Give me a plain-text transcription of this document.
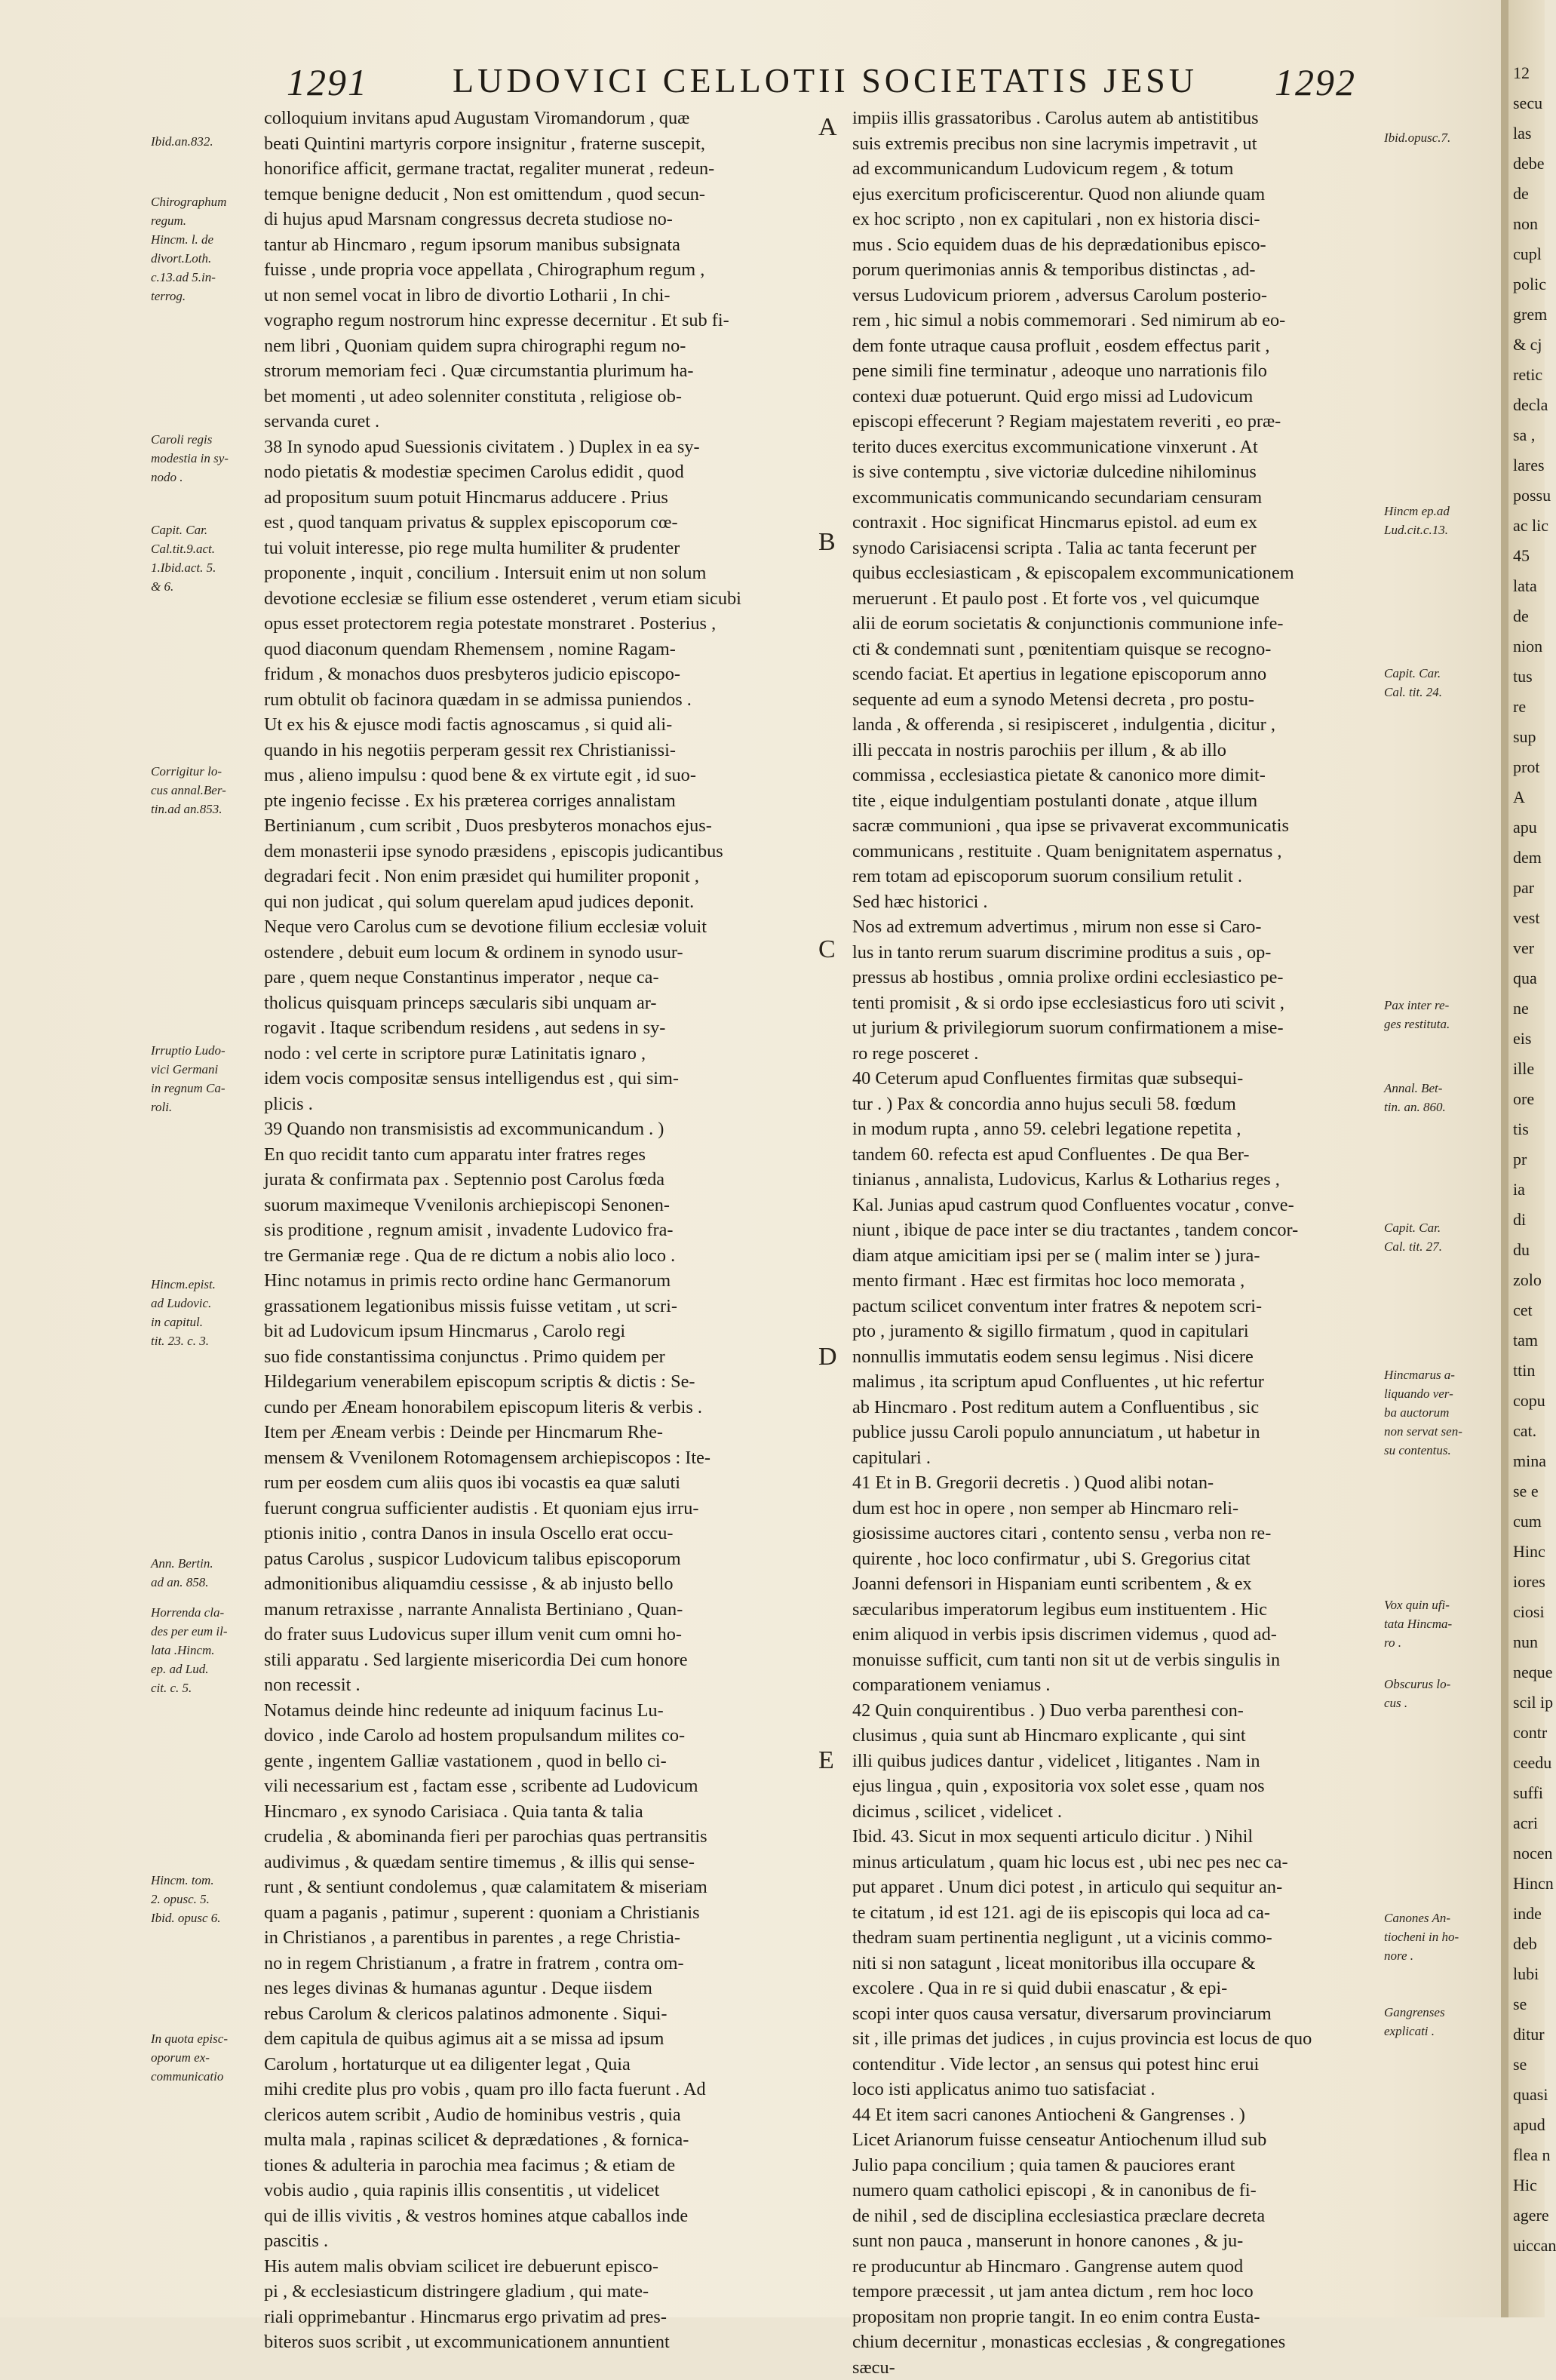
1291 LUDOVICI CELLOTII SOCIETATIS JESU 1292
colloquium invitans apud Augustam Viromandorum , quæ
beati Quintini martyris corpore insignitur , fraterne suscepit,
honorifice afficit, germane tractat, regaliter munerat , redeun-
temque benigne deducit , Non est omittendum , quod secun-
di hujus apud Marsnam congressus decreta studiose no-
tantur ab Hincmaro , regum ipsorum manibus subsignata
fuisse , unde propria voce appellata , Chirographum regum ,
ut non semel vocat in libro de divortio Lotharii , In chi-
vographo regum nostrorum hinc expresse decernitur . Et sub fi-
nem libri , Quoniam quidem supra chirographi regum no-
strorum memoriam feci . Quæ circumstantia plurimum ha-
bet momenti , ut adeo solenniter constituta , religiose ob-
servanda curet .
38 In synodo apud Suessionis civitatem . ) Duplex in ea sy-
nodo pietatis & modestiæ specimen Carolus edidit , quod
ad propositum suum potuit Hincmarus adducere . Prius
est , quod tanquam privatus & supplex episcoporum cœ-
tui voluit interesse, pio rege multa humiliter & prudenter
proponente , inquit , concilium . Intersuit enim ut non solum
devotione ecclesiæ se filium esse ostenderet , verum etiam sicubi
opus esset protectorem regia potestate monstraret . Posterius ,
quod diaconum quendam Rhemensem , nomine Ragam-
fridum , & monachos duos presbyteros judicio episcopo-
rum obtulit ob facinora quædam in se admissa puniendos .
Ut ex his & ejusce modi factis agnoscamus , si quid ali-
quando in his negotiis perperam gessit rex Christianissi-
mus , alieno impulsu : quod bene & ex virtute egit , id suo-
pte ingenio fecisse . Ex his præterea corriges annalistam
Bertinianum , cum scribit , Duos presbyteros monachos ejus-
dem monasterii ipse synodo præsidens , episcopis judicantibus
degradari fecit . Non enim præsidet qui humiliter proponit ,
qui non judicat , qui solum querelam apud judices deponit.
Neque vero Carolus cum se devotione filium ecclesiæ voluit
ostendere , debuit eum locum & ordinem in synodo usur-
pare , quem neque Constantinus imperator , neque ca-
tholicus quisquam princeps sæcularis sibi unquam ar-
rogavit . Itaque scribendum residens , aut sedens in sy-
nodo : vel certe in scriptore puræ Latinitatis ignaro ,
idem vocis compositæ sensus intelligendus est , qui sim-
plicis .
39 Quando non transmisistis ad excommunicandum . )
En quo recidit tanto cum apparatu inter fratres reges
jurata & confirmata pax . Septennio post Carolus fœda
suorum maximeque Vvenilonis archiepiscopi Senonen-
sis proditione , regnum amisit , invadente Ludovico fra-
tre Germaniæ rege . Qua de re dictum a nobis alio loco .
Hinc notamus in primis recto ordine hanc Germanorum
grassationem legationibus missis fuisse vetitam , ut scri-
bit ad Ludovicum ipsum Hincmarus , Carolo regi
suo fide constantissima conjunctus . Primo quidem per
Hildegarium venerabilem episcopum scriptis & dictis : Se-
cundo per Æneam honorabilem episcopum literis & verbis .
Item per Æneam verbis : Deinde per Hincmarum Rhe-
mensem & Vvenilonem Rotomagensem archiepiscopos : Ite-
rum per eosdem cum aliis quos ibi vocastis ea quæ saluti
fuerunt congrua sufficienter audistis . Et quoniam ejus irru-
ptionis initio , contra Danos in insula Oscello erat occu-
patus Carolus , suspicor Ludovicum talibus episcoporum
admonitionibus aliquamdiu cessisse , & ab injusto bello
manum retraxisse , narrante Annalista Bertiniano , Quan-
do frater suus Ludovicus super illum venit cum omni ho-
stili apparatu . Sed largiente misericordia Dei cum honore
non recessit .
Notamus deinde hinc redeunte ad iniquum facinus Lu-
dovico , inde Carolo ad hostem propulsandum milites co-
gente , ingentem Galliæ vastationem , quod in bello ci-
vili necessarium est , factam esse , scribente ad Ludovicum
Hincmaro , ex synodo Carisiaca . Quia tanta & talia
crudelia , & abominanda fieri per parochias quas pertransitis
audivimus , & quædam sentire timemus , & illis qui sense-
runt , & sentiunt condolemus , quæ calamitatem & miseriam
quam a paganis , patimur , superent : quoniam a Christianis
in Christianos , a parentibus in parentes , a rege Christia-
no in regem Christianum , a fratre in fratrem , contra om-
nes leges divinas & humanas aguntur . Deque iisdem
rebus Carolum & clericos palatinos admonente . Siqui-
dem capitula de quibus agimus ait a se missa ad ipsum
Carolum , hortaturque ut ea diligenter legat , Quia
mihi credite plus pro vobis , quam pro illo facta fuerunt . Ad
clericos autem scribit , Audio de hominibus vestris , quia
multa mala , rapinas scilicet & deprædationes , & fornica-
tiones & adulteria in parochia mea facimus ; & etiam de
vobis audio , quia rapinis illis consentitis , ut videlicet
qui de illis vivitis , & vestros homines atque caballos inde
pascitis .
His autem malis obviam scilicet ire debuerunt episco-
pi , & ecclesiasticum distringere gladium , qui mate-
riali opprimebantur . Hincmarus ergo privatim ad pres-
biteros suos scribit , ut excommunicationem annuntient
impiis illis grassatoribus . Carolus autem ab antistitibus
suis extremis precibus non sine lacrymis impetravit , ut
ad excommunicandum Ludovicum regem , & totum
ejus exercitum proficiscerentur. Quod non aliunde quam
ex hoc scripto , non ex capitulari , non ex historia disci-
mus . Scio equidem duas de his deprædationibus episco-
porum querimonias annis & temporibus distinctas , ad-
versus Ludovicum priorem , adversus Carolum posterio-
rem , hic simul a nobis commemorari . Sed nimirum ab eo-
dem fonte utraque causa profluit , eosdem effectus parit ,
pene simili fine terminatur , adeoque uno narrationis filo
contexi duæ potuerunt. Quid ergo missi ad Ludovicum
episcopi effecerunt ? Regiam majestatem reveriti , eo præ-
terito duces exercitus excommunicatione vinxerunt . At
is sive contemptu , sive victoriæ dulcedine nihilominus
excommunicatis communicando secundariam censuram
contraxit . Hoc significat Hincmarus epistol. ad eum ex
synodo Carisiacensi scripta . Talia ac tanta fecerunt per
quibus ecclesiasticam , & episcopalem excommunicationem
meruerunt . Et paulo post . Et forte vos , vel quicumque
alii de eorum societatis & conjunctionis communione infe-
cti & condemnati sunt , pœnitentiam quisque se recogno-
scendo faciat. Et apertius in legatione episcoporum anno
sequente ad eum a synodo Metensi decreta , pro postu-
landa , & offerenda , si resipisceret , indulgentia , dicitur ,
illi peccata in nostris parochiis per illum , & ab illo
commissa , ecclesiastica pietate & canonico more dimit-
tite , eique indulgentiam postulanti donate , atque illum
sacræ communioni , qua ipse se privaverat excommunicatis
communicans , restituite . Quam benignitatem aspernatus ,
rem totam ad episcoporum suorum consilium retulit .
Sed hæc historici .
Nos ad extremum advertimus , mirum non esse si Caro-
lus in tanto rerum suarum discrimine proditus a suis , op-
pressus ab hostibus , omnia prolixe ordini ecclesiastico pe-
tenti promisit , & si ordo ipse ecclesiasticus foro uti scivit ,
ut jurium & privilegiorum suorum confirmationem a mise-
ro rege posceret .
40 Ceterum apud Confluentes firmitas quæ subsequi-
tur . ) Pax & concordia anno hujus seculi 58. fœdum
in modum rupta , anno 59. celebri legatione repetita ,
tandem 60. refecta est apud Confluentes . De qua Ber-
tinianus , annalista, Ludovicus, Karlus & Lotharius reges ,
Kal. Junias apud castrum quod Confluentes vocatur , conve-
niunt , ibique de pace inter se diu tractantes , tandem concor-
diam atque amicitiam ipsi per se ( malim inter se ) jura-
mento firmant . Hæc est firmitas hoc loco memorata ,
pactum scilicet conventum inter fratres & nepotem scri-
pto , juramento & sigillo firmatum , quod in capitulari
nonnullis immutatis eodem sensu legimus . Nisi dicere
malimus , ita scriptum apud Confluentes , ut hic refertur
ab Hincmaro . Post reditum autem a Confluentibus , sic
publice jussu Caroli populo annunciatum , ut habetur in
capitulari .
41 Et in B. Gregorii decretis . ) Quod alibi notan-
dum est hoc in opere , non semper ab Hincmaro reli-
giosissime auctores citari , contento sensu , verba non re-
quirente , hoc loco confirmatur , ubi S. Gregorius citat
Joanni defensori in Hispaniam eunti scribentem , & ex
sæcularibus imperatorum legibus eum instituentem . Hic
enim aliquod in verbis ipsis discrimen videmus , quod ad-
monuisse sufficit, cum tanti non sit ut de verbis singulis in
comparationem veniamus .
42 Quin conquirentibus . ) Duo verba parenthesi con-
clusimus , quia sunt ab Hincmaro explicante , qui sint
illi quibus judices dantur , videlicet , litigantes . Nam in
ejus lingua , quin , expositoria vox solet esse , quam nos
dicimus , scilicet , videlicet .
Ibid. 43. Sicut in mox sequenti articulo dicitur . ) Nihil
minus articulatum , quam hic locus est , ubi nec pes nec ca-
put apparet . Unum dici potest , in articulo qui sequitur an-
te citatum , id est 121. agi de iis episcopis qui loca ad ca-
thedram suam pertinentia negligunt , ut a vicinis commo-
niti si non satagunt , liceat monitoribus illa occupare &
excolere . Qua in re si quid dubii enascatur , & epi-
scopi inter quos causa versatur, diversarum provinciarum
sit , ille primas det judices , in cujus provincia est locus de quo
contenditur . Vide lector , an sensus qui potest hinc erui
loco isti applicatus animo tuo satisfaciat .
44 Et item sacri canones Antiocheni & Gangrenses . )
Licet Arianorum fuisse censeatur Antiochenum illud sub
Julio papa concilium ; quia tamen & pauciores erant
numero quam catholici episcopi , & in canonibus de fi-
de nihil , sed de disciplina ecclesiastica præclare decreta
sunt non pauca , manserunt in honore canones , & ju-
re producuntur ab Hincmaro . Gangrense autem quod
tempore præcessit , ut jam antea dictum , rem hoc loco
propositam non proprie tangit. In eo enim contra Eusta-
chium decernitur , monasticas ecclesias , & congregationes
sæcu-
Ibid.an.832.
Chirographum
regum.
Hincm. l. de
divort.Loth.
c.13.ad 5.in-
terrog.
Caroli regis
modestia in sy-
nodo .
Capit. Car.
Cal.tit.9.act.
1.Ibid.act. 5.
& 6.
Corrigitur lo-
cus annal.Ber-
tin.ad an.853.
Irruptio Ludo-
vici Germani
in regnum Ca-
roli.
Hincm.epist.
ad Ludovic.
in capitul.
tit. 23. c. 3.
Ann. Bertin.
ad an. 858.
Horrenda cla-
des per eum il-
lata .Hincm.
ep. ad Lud.
cit. c. 5.
Hincm. tom.
2. opusc. 5.
Ibid. opusc 6.
In quota episc-
oporum ex-
communicatio
Ibid.opusc.7.
Hincm ep.ad
Lud.cit.c.13.
Capit. Car.
Cal. tit. 24.
Pax inter re-
ges restituta.
Annal. Bet-
tin. an. 860.
Capit. Car.
Cal. tit. 27.
Hincmarus a-
liquando ver-
ba auctorum
non servat sen-
su contentus.
Vox quin ufi-
tata Hincma-
ro .
Obscurus lo-
cus .
Canones An-
tiocheni in ho-
nore .
Gangrenses
explicati .
A
B
C
D
E
12
secu
las
debe
de
non
cupl
polic
grem
& cj
retic
decla
sa ,
lares
possu
ac lic
45
lata
de
nion
tus
re
sup
prot
A
apu
dem
par
vest
ver
qua
ne
eis
ille
ore
tis
pr
ia
di
du
zolo
cet
tam
ttin
copu
cat.
mina
se e
cum
Hinc
iores
ciosi
nun
neque
scil ip
contr
ceedu
suffi
acri
nocen
Hincn
inde
deb
lubi
se
ditur
se
quasi
apud
flea n
Hic
agere
uiccan
